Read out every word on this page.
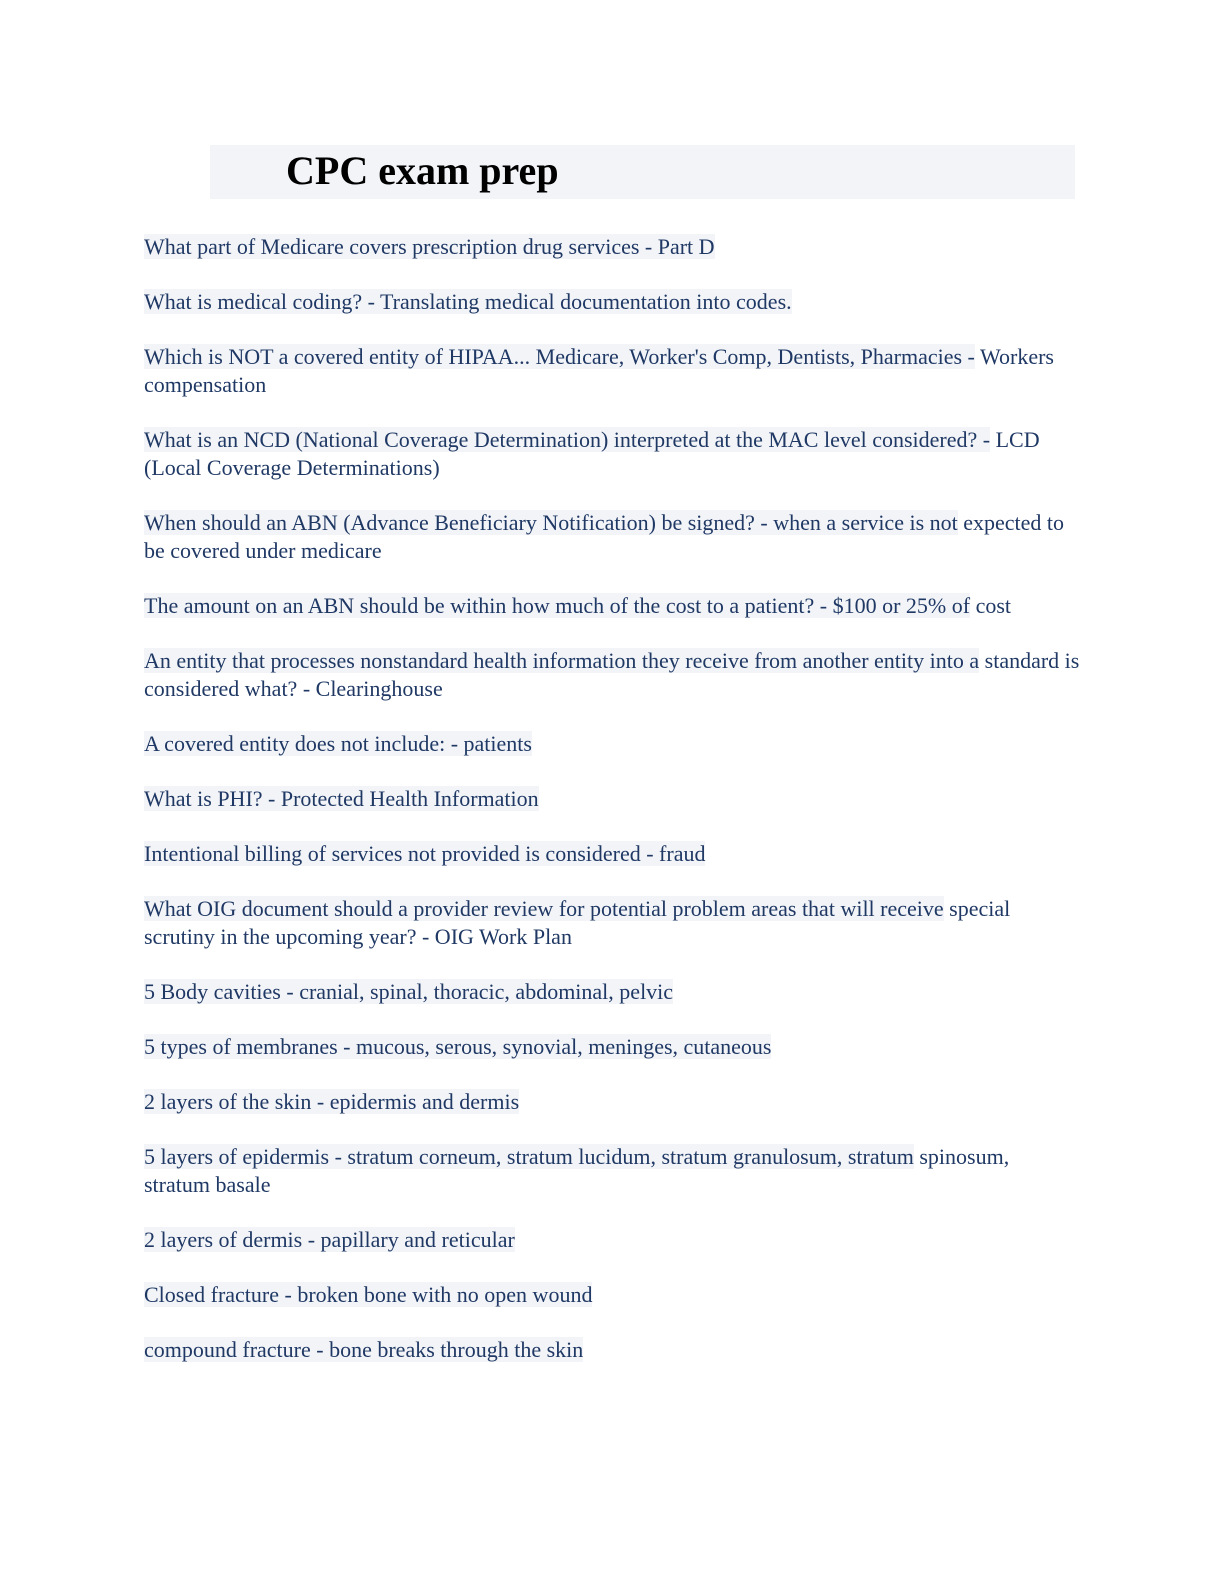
CPC exam prep

What part of Medicare covers prescription drug services - Part D

What is medical coding? - Translating medical documentation into codes.

Which is NOT a covered entity of HIPAA... Medicare, Worker's Comp, Dentists, Pharmacies - Workers compensation

What is an NCD (National Coverage Determination) interpreted at the MAC level considered? - LCD (Local Coverage Determinations)

When should an ABN (Advance Beneficiary Notification) be signed? - when a service is not expected to be covered under medicare

The amount on an ABN should be within how much of the cost to a patient? - $100 or 25% of cost

An entity that processes nonstandard health information they receive from another entity into a standard is considered what? - Clearinghouse

A covered entity does not include: - patients

What is PHI? - Protected Health Information

Intentional billing of services not provided is considered - fraud

What OIG document should a provider review for potential problem areas that will receive special scrutiny in the upcoming year? - OIG Work Plan

5 Body cavities - cranial, spinal, thoracic, abdominal, pelvic

5 types of membranes - mucous, serous, synovial, meninges, cutaneous

2 layers of the skin - epidermis and dermis

5 layers of epidermis - stratum corneum, stratum lucidum, stratum granulosum, stratum spinosum, stratum basale

2 layers of dermis - papillary and reticular

Closed fracture - broken bone with no open wound

compound fracture - bone breaks through the skin
